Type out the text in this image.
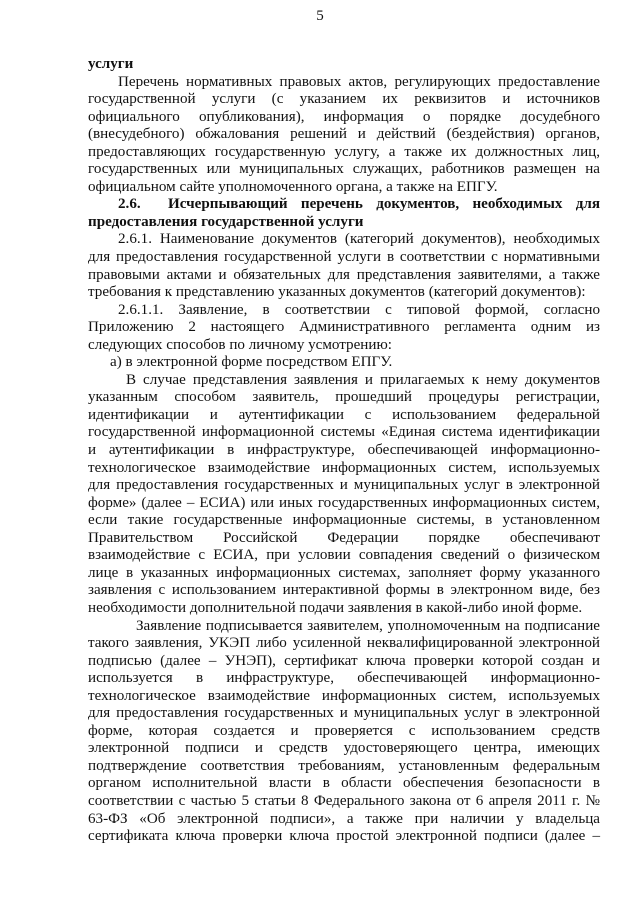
5
услуги
Перечень нормативных правовых актов, регулирующих предоставление
государственной услуги (с указанием их реквизитов и источников
официального опубликования), информация о порядке досудебного
(внесудебного) обжалования решений и действий (бездействия) органов,
предоставляющих государственную услугу, а также их должностных лиц,
государственных или муниципальных служащих, работников размещен на
официальном сайте уполномоченного органа, а также на ЕПГУ.
2.6. Исчерпывающий перечень документов, необходимых для
предоставления государственной услуги
2.6.1. Наименование документов (категорий документов), необходимых
для предоставления государственной услуги в соответствии с нормативными
правовыми актами и обязательных для представления заявителями, а также
требования к представлению указанных документов (категорий документов):
2.6.1.1. Заявление, в соответствии с типовой формой, согласно
Приложению 2 настоящего Административного регламента одним из
следующих способов по личному усмотрению:
а) в электронной форме посредством ЕПГУ.
В случае представления заявления и прилагаемых к нему документов
указанным способом заявитель, прошедший процедуры регистрации,
идентификации и аутентификации с использованием федеральной
государственной информационной системы «Единая система идентификации
и аутентификации в инфраструктуре, обеспечивающей информационно-
технологическое взаимодействие информационных систем, используемых
для предоставления государственных и муниципальных услуг в электронной
форме» (далее – ЕСИА) или иных государственных информационных систем,
если такие государственные информационные системы, в установленном
Правительством Российской Федерации порядке обеспечивают
взаимодействие с ЕСИА, при условии совпадения сведений о физическом
лице в указанных информационных системах, заполняет форму указанного
заявления с использованием интерактивной формы в электронном виде, без
необходимости дополнительной подачи заявления в какой-либо иной форме.
Заявление подписывается заявителем, уполномоченным на подписание
такого заявления, УКЭП либо усиленной неквалифицированной электронной
подписью (далее – УНЭП), сертификат ключа проверки которой создан и
используется в инфраструктуре, обеспечивающей информационно-
технологическое взаимодействие информационных систем, используемых
для предоставления государственных и муниципальных услуг в электронной
форме, которая создается и проверяется с использованием средств
электронной подписи и средств удостоверяющего центра, имеющих
подтверждение соответствия требованиям, установленным федеральным
органом исполнительной власти в области обеспечения безопасности в
соответствии с частью 5 статьи 8 Федерального закона от 6 апреля 2011 г. №
63-ФЗ «Об электронной подписи», а также при наличии у владельца
сертификата ключа проверки ключа простой электронной подписи (далее –
